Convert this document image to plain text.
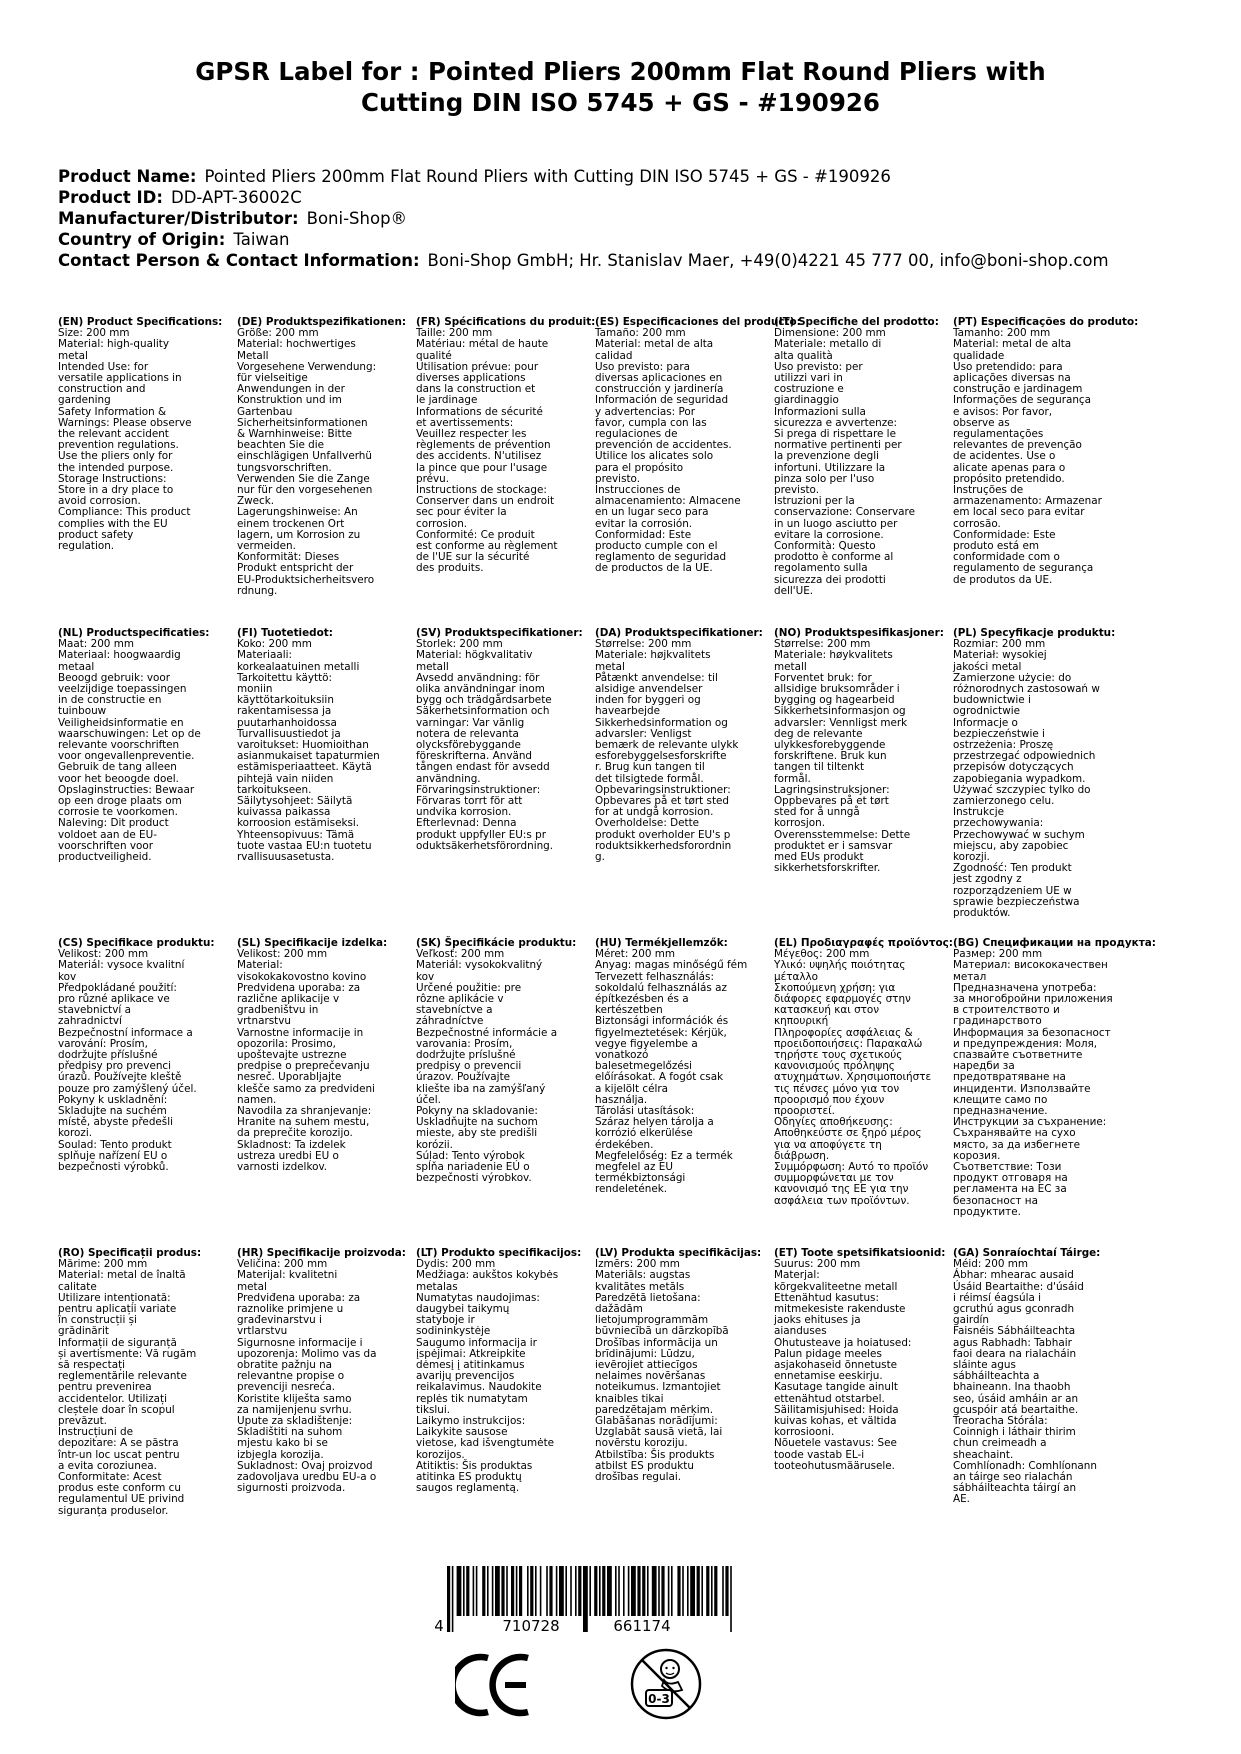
GPSR Label for : Pointed Pliers 200mm Flat Round Pliers with
Cutting DIN ISO 5745 + GS - #190926
Product Name: Pointed Pliers 200mm Flat Round Pliers with Cutting DIN ISO 5745 + GS - #190926
Product ID: DD-APT-36002C
Manufacturer/Distributor: Boni-Shop®
Country of Origin: Taiwan
Contact Person & Contact Information: Boni-Shop GmbH; Hr. Stanislav Maer, +49(0)4221 45 777 00, info@boni-shop.com
(EN) Product Specifications:
Size: 200 mm
Material: high-quality
metal
Intended Use: for
versatile applications in
construction and
gardening
Safety Information &
Warnings: Please observe
the relevant accident
prevention regulations.
Use the pliers only for
the intended purpose.
Storage Instructions:
Store in a dry place to
avoid corrosion.
Compliance: This product
complies with the EU
product safety
regulation.
(DE) Produktspezifikationen:
Größe: 200 mm
Material: hochwertiges
Metall
Vorgesehene Verwendung:
für vielseitige
Anwendungen in der
Konstruktion und im
Gartenbau
Sicherheitsinformationen
& Warnhinweise: Bitte
beachten Sie die
einschlägigen Unfallverhü
tungsvorschriften.
Verwenden Sie die Zange
nur für den vorgesehenen
Zweck.
Lagerungshinweise: An
einem trockenen Ort
lagern, um Korrosion zu
vermeiden.
Konformität: Dieses
Produkt entspricht der
EU-Produktsicherheitsvero
rdnung.
(FR) Spécifications du produit:
Taille: 200 mm
Matériau: métal de haute
qualité
Utilisation prévue: pour
diverses applications
dans la construction et
le jardinage
Informations de sécurité
et avertissements:
Veuillez respecter les
règlements de prévention
des accidents. N'utilisez
la pince que pour l'usage
prévu.
Instructions de stockage:
Conserver dans un endroit
sec pour éviter la
corrosion.
Conformité: Ce produit
est conforme au règlement
de l'UE sur la sécurité
des produits.
(ES) Especificaciones del producto:
Tamaño: 200 mm
Material: metal de alta
calidad
Uso previsto: para
diversas aplicaciones en
construcción y jardinería
Información de seguridad
y advertencias: Por
favor, cumpla con las
regulaciones de
prevención de accidentes.
Utilice los alicates solo
para el propósito
previsto.
Instrucciones de
almacenamiento: Almacene
en un lugar seco para
evitar la corrosión.
Conformidad: Este
producto cumple con el
reglamento de seguridad
de productos de la UE.
(IT) Specifiche del prodotto:
Dimensione: 200 mm
Materiale: metallo di
alta qualità
Uso previsto: per
utilizzi vari in
costruzione e
giardinaggio
Informazioni sulla
sicurezza e avvertenze:
Si prega di rispettare le
normative pertinenti per
la prevenzione degli
infortuni. Utilizzare la
pinza solo per l'uso
previsto.
Istruzioni per la
conservazione: Conservare
in un luogo asciutto per
evitare la corrosione.
Conformità: Questo
prodotto è conforme al
regolamento sulla
sicurezza dei prodotti
dell'UE.
(PT) Especificações do produto:
Tamanho: 200 mm
Material: metal de alta
qualidade
Uso pretendido: para
aplicações diversas na
construção e jardinagem
Informações de segurança
e avisos: Por favor,
observe as
regulamentações
relevantes de prevenção
de acidentes. Use o
alicate apenas para o
propósito pretendido.
Instruções de
armazenamento: Armazenar
em local seco para evitar
corrosão.
Conformidade: Este
produto está em
conformidade com o
regulamento de segurança
de produtos da UE.
(NL) Productspecificaties:
Maat: 200 mm
Materiaal: hoogwaardig
metaal
Beoogd gebruik: voor
veelzijdige toepassingen
in de constructie en
tuinbouw
Veiligheidsinformatie en
waarschuwingen: Let op de
relevante voorschriften
voor ongevallenpreventie.
Gebruik de tang alleen
voor het beoogde doel.
Opslaginstructies: Bewaar
op een droge plaats om
corrosie te voorkomen.
Naleving: Dit product
voldoet aan de EU-
voorschriften voor
productveiligheid.
(FI) Tuotetiedot:
Koko: 200 mm
Materiaali:
korkealaatuinen metalli
Tarkoitettu käyttö:
moniin
käyttötarkoituksiin
rakentamisessa ja
puutarhanhoidossa
Turvallisuustiedot ja
varoitukset: Huomioithan
asianmukaiset tapaturmien
estämisperiaatteet. Käytä
pihtejä vain niiden
tarkoitukseen.
Säilytysohjeet: Säilytä
kuivassa paikassa
korroosion estämiseksi.
Yhteensopivuus: Tämä
tuote vastaa EU:n tuotetu
rvallisuusasetusta.
(SV) Produktspecifikationer:
Storlek: 200 mm
Material: högkvalitativ
metall
Avsedd användning: för
olika användningar inom
bygg och trädgårdsarbete
Säkerhetsinformation och
varningar: Var vänlig
notera de relevanta
olycksförebyggande
föreskrifterna. Använd
tången endast för avsedd
användning.
Förvaringsinstruktioner:
Förvaras torrt för att
undvika korrosion.
Efterlevnad: Denna
produkt uppfyller EU:s pr
oduktsäkerhetsförordning.
(DA) Produktspecifikationer:
Størrelse: 200 mm
Materiale: højkvalitets
metal
Påtænkt anvendelse: til
alsidige anvendelser
inden for byggeri og
havearbejde
Sikkerhedsinformation og
advarsler: Venligst
bemærk de relevante ulykk
esforebyggelsesforskrifte
r. Brug kun tangen til
det tilsigtede formål.
Opbevaringsinstruktioner:
Opbevares på et tørt sted
for at undgå korrosion.
Overholdelse: Dette
produkt overholder EU's p
roduktsikkerhedsforordnin
g.
(NO) Produktspesifikasjoner:
Størrelse: 200 mm
Materiale: høykvalitets
metall
Forventet bruk: for
allsidige bruksområder i
bygging og hagearbeid
Sikkerhetsinformasjon og
advarsler: Vennligst merk
deg de relevante
ulykkesforebyggende
forskriftene. Bruk kun
tangen til tiltenkt
formål.
Lagringsinstruksjoner:
Oppbevares på et tørt
sted for å unngå
korrosjon.
Overensstemmelse: Dette
produktet er i samsvar
med EUs produkt
sikkerhetsforskrifter.
(PL) Specyfikacje produktu:
Rozmiar: 200 mm
Materiał: wysokiej
jakości metal
Zamierzone użycie: do
różnorodnych zastosowań w
budownictwie i
ogrodnictwie
Informacje o
bezpieczeństwie i
ostrzeżenia: Proszę
przestrzegać odpowiednich
przepisów dotyczących
zapobiegania wypadkom.
Używać szczypiec tylko do
zamierzonego celu.
Instrukcje
przechowywania:
Przechowywać w suchym
miejscu, aby zapobiec
korozji.
Zgodność: Ten produkt
jest zgodny z
rozporządzeniem UE w
sprawie bezpieczeństwa
produktów.
(CS) Specifikace produktu:
Velikost: 200 mm
Materiál: vysoce kvalitní
kov
Předpokládané použití:
pro různé aplikace ve
stavebnictví a
zahradnictví
Bezpečnostní informace a
varování: Prosím,
dodržujte příslušné
předpisy pro prevenci
úrazů. Používejte kleště
pouze pro zamýšlený účel.
Pokyny k uskladnění:
Skladujte na suchém
místě, abyste předešli
korozi.
Soulad: Tento produkt
splňuje nařízení EU o
bezpečnosti výrobků.
(SL) Specifikacije izdelka:
Velikost: 200 mm
Material:
visokokakovostno kovino
Predvidena uporaba: za
različne aplikacije v
gradbeništvu in
vrtnarstvu
Varnostne informacije in
opozorila: Prosimo,
upoštevajte ustrezne
predpise o preprečevanju
nesreč. Uporabljajte
klešče samo za predvideni
namen.
Navodila za shranjevanje:
Hranite na suhem mestu,
da preprečite korozijo.
Skladnost: Ta izdelek
ustreza uredbi EU o
varnosti izdelkov.
(SK) Špecifikácie produktu:
Veľkosť: 200 mm
Materiál: vysokokvalitný
kov
Určené použitie: pre
rôzne aplikácie v
stavebníctve a
záhradníctve
Bezpečnostné informácie a
varovania: Prosím,
dodržujte príslušné
predpisy o prevencii
úrazov. Používajte
kliešte iba na zamýšľaný
účel.
Pokyny na skladovanie:
Uskladňujte na suchom
mieste, aby ste predišli
korózii.
Súlad: Tento výrobok
spĺňa nariadenie EÚ o
bezpečnosti výrobkov.
(HU) Termékjellemzők:
Méret: 200 mm
Anyag: magas minőségű fém
Tervezett felhasználás:
sokoldalú felhasználás az
építkezésben és a
kertészetben
Biztonsági információk és
figyelmeztetések: Kérjük,
vegye figyelembe a
vonatkozó
balesetmegelőzési
előírásokat. A fogót csak
a kijelölt célra
használja.
Tárolási utasítások:
Száraz helyen tárolja a
korrózió elkerülése
érdekében.
Megfelelőség: Ez a termék
megfelel az EU
termékbiztonsági
rendeletének.
(EL) Προδιαγραφές προϊόντος:
Μέγεθος: 200 mm
Υλικό: υψηλής ποιότητας
μέταλλο
Σκοπούμενη χρήση: για
διάφορες εφαρμογές στην
κατασκευή και στον
κηπουρική
Πληροφορίες ασφάλειας &
προειδοποιήσεις: Παρακαλώ
τηρήστε τους σχετικούς
κανονισμούς πρόληψης
ατυχημάτων. Χρησιμοποιήστε
τις πένσες μόνο για τον
προορισμό που έχουν
προοριστεί.
Οδηγίες αποθήκευσης:
Αποθηκεύστε σε ξηρό μέρος
για να αποφύγετε τη
διάβρωση.
Συμμόρφωση: Αυτό το προϊόν
συμμορφώνεται με τον
κανονισμό της ΕΕ για την
ασφάλεια των προϊόντων.
(BG) Спецификации на продукта:
Размер: 200 mm
Материал: висококачествен
метал
Предназначена употреба:
за многобройни приложения
в строителството и
градинарството
Информация за безопасност
и предупреждения: Моля,
спазвайте съответните
наредби за
предотвратяване на
инциденти. Използвайте
клещите само по
предназначение.
Инструкции за съхранение:
Съхранявайте на сухо
място, за да избегнете
корозия.
Съответствие: Този
продукт отговаря на
регламента на ЕС за
безопасност на
продуктите.
(RO) Specificații produs:
Mărime: 200 mm
Material: metal de înaltă
calitate
Utilizare intenționată:
pentru aplicații variate
în construcții și
grădinărit
Informații de siguranță
și avertismente: Vă rugăm
să respectați
reglementările relevante
pentru prevenirea
accidentelor. Utilizați
cleștele doar în scopul
prevăzut.
Instrucțiuni de
depozitare: A se păstra
într-un loc uscat pentru
a evita coroziunea.
Conformitate: Acest
produs este conform cu
regulamentul UE privind
siguranța produselor.
(HR) Specifikacije proizvoda:
Veličina: 200 mm
Materijal: kvalitetni
metal
Predviđena uporaba: za
raznolike primjene u
građevinarstvu i
vrtlarstvu
Sigurnosne informacije i
upozorenja: Molimo vas da
obratite pažnju na
relevantne propise o
prevenciji nesreća.
Koristite kliješta samo
za namijenjenu svrhu.
Upute za skladištenje:
Skladištiti na suhom
mjestu kako bi se
izbjegla korozija.
Sukladnost: Ovaj proizvod
zadovoljava uredbu EU-a o
sigurnosti proizvoda.
(LT) Produkto specifikacijos:
Dydis: 200 mm
Medžiaga: aukštos kokybės
metalas
Numatytas naudojimas:
daugybei taikymų
statyboje ir
sodininkystėje
Saugumo informacija ir
įspėjimai: Atkreipkite
dėmesį į atitinkamus
avarijų prevencijos
reikalavimus. Naudokite
replės tik numatytam
tikslui.
Laikymo instrukcijos:
Laikykite sausose
vietose, kad išvengtumėte
korozijos.
Atitiktis: Šis produktas
atitinka ES produktų
saugos reglamentą.
(LV) Produkta specifikācijas:
Izmērs: 200 mm
Materiāls: augstas
kvalitātes metāls
Paredzētā lietošana:
dažādām
lietojumprogrammām
būvniecībā un dārzkopībā
Drošības informācija un
brīdinājumi: Lūdzu,
ievērojiet attiecīgos
nelaimes novēršanas
noteikumus. Izmantojiet
knaibles tikai
paredzētajam mērķim.
Glabāšanas norādījumi:
Uzglabāt sausā vietā, lai
novērstu koroziju.
Atbilstība: Šis produkts
atbilst ES produktu
drošības regulai.
(ET) Toote spetsifikatsioonid:
Suurus: 200 mm
Materjal:
kõrgekvaliteetne metall
Ettenähtud kasutus:
mitmekesiste rakenduste
jaoks ehituses ja
aianduses
Ohutusteave ja hoiatused:
Palun pidage meeles
asjakohaseid õnnetuste
ennetamise eeskirju.
Kasutage tangide ainult
ettenähtud otstarbel.
Säilitamisjuhised: Hoida
kuivas kohas, et vältida
korrosiooni.
Nõuetele vastavus: See
toode vastab EL-i
tooteohutusmäärusele.
(GA) Sonraíochtaí Táirge:
Méid: 200 mm
Ábhar: mhearac ausaid
Úsáid Beartaithe: d'úsáid
i réimsí éagsúla i
gcruthú agus gconradh
gairdín
Faisnéis Sábháilteachta
agus Rabhadh: Tabhair
faoi deara na rialacháin
sláinte agus
sábháilteachta a
bhaineann. Ina thaobh
seo, úsáid amháin ar an
gcuspóir atá beartaithe.
Treoracha Stórála:
Coinnigh i láthair thirim
chun creimeadh a
sheachaint.
Comhlíonadh: Comhlíonann
an táirge seo rialachán
sábháilteachta táirgí an
AE.
4	710728	661174
0-3
